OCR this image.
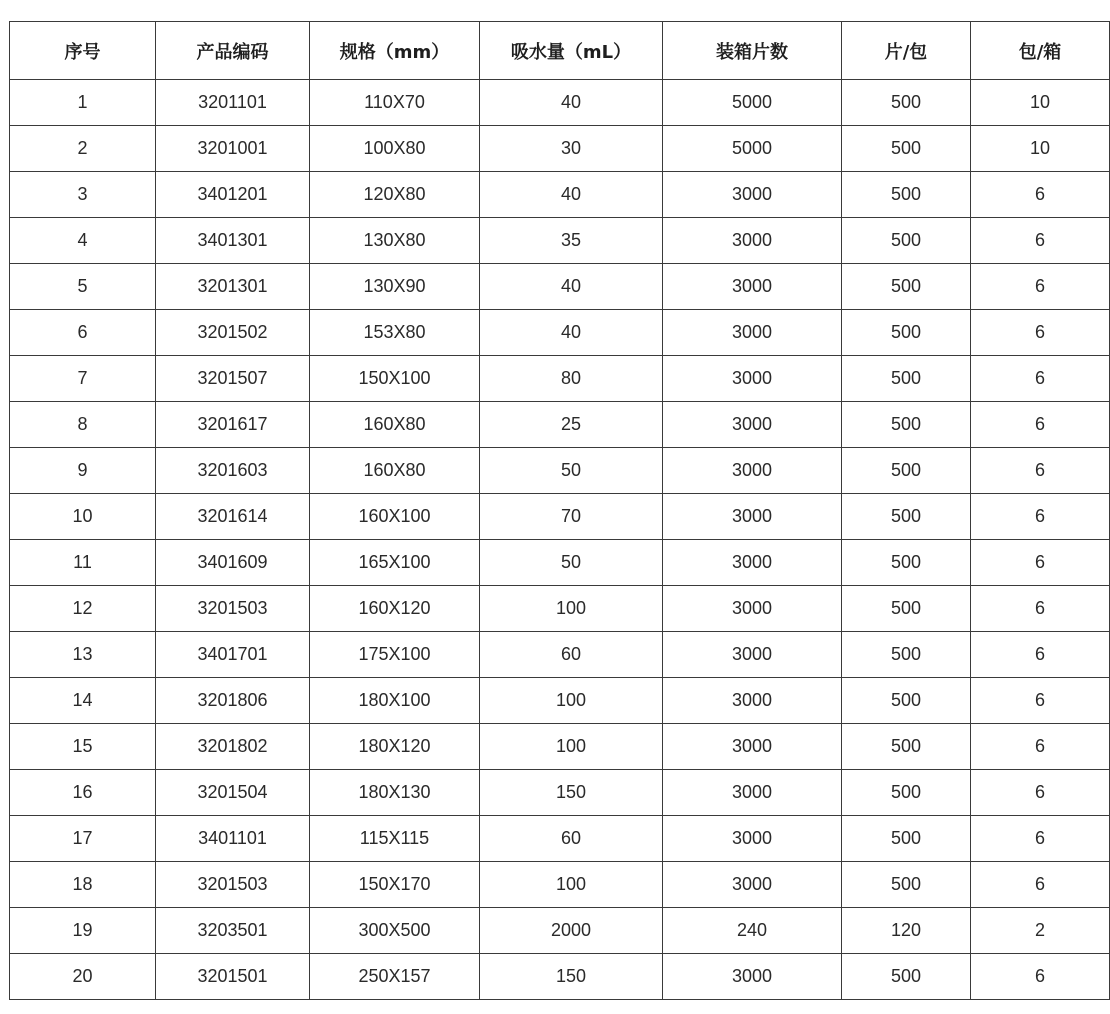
序号	产品编码	规格（mm）	吸水量（mL）	装箱片数	片/包	包/箱
1	3201101	110X70	40	5000	500	10
2	3201001	100X80	30	5000	500	10
3	3401201	120X80	40	3000	500	6
4	3401301	130X80	35	3000	500	6
5	3201301	130X90	40	3000	500	6
6	3201502	153X80	40	3000	500	6
7	3201507	150X100	80	3000	500	6
8	3201617	160X80	25	3000	500	6
9	3201603	160X80	50	3000	500	6
10	3201614	160X100	70	3000	500	6
11	3401609	165X100	50	3000	500	6
12	3201503	160X120	100	3000	500	6
13	3401701	175X100	60	3000	500	6
14	3201806	180X100	100	3000	500	6
15	3201802	180X120	100	3000	500	6
16	3201504	180X130	150	3000	500	6
17	3401101	115X115	60	3000	500	6
18	3201503	150X170	100	3000	500	6
19	3203501	300X500	2000	240	120	2
20	3201501	250X157	150	3000	500	6
